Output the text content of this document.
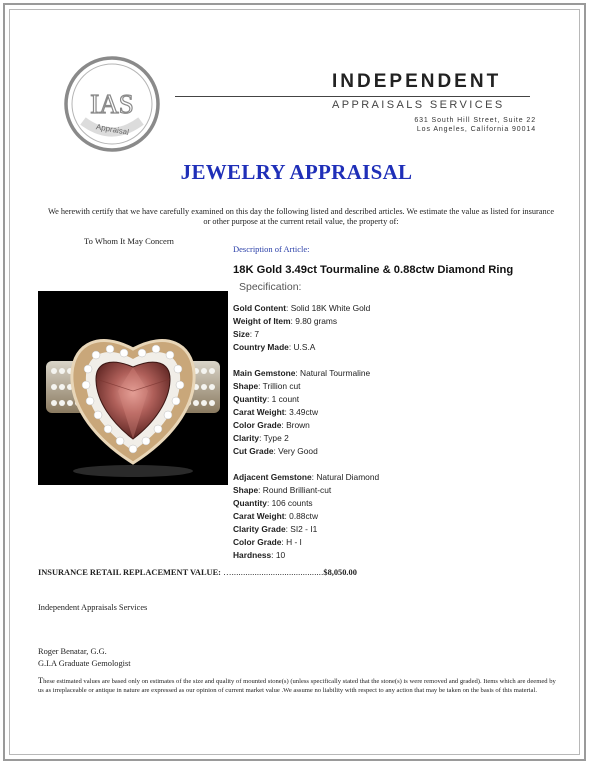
IAS
Appraisal
INDEPENDENT
APPRAISALS SERVICES
631 South Hill Street, Suite 22
Los Angeles, California 90014
JEWELRY APPRAISAL
We herewith certify that we have carefully examined on this day the following listed and described articles. We estimate the value as listed for insurance or other purpose at the current retail value, the property of:
To Whom It May Concern
Description of Article:
18K Gold 3.49ct Tourmaline & 0.88ctw Diamond Ring
Specification:
Gold Content: Solid 18K White Gold
Weight of Item: 9.80 grams
Size: 7
Country Made: U.S.A
Main Gemstone: Natural Tourmaline
Shape: Trillion cut
Quantity: 1 count
Carat Weight: 3.49ctw
Color Grade: Brown
Clarity: Type 2
Cut Grade: Very Good
Adjacent Gemstone: Natural Diamond
Shape: Round Brilliant-cut
Quantity: 106 counts
Carat Weight: 0.88ctw
Clarity Grade: SI2 - I1
Color Grade: H - I
Hardness: 10
INSURANCE RETAIL REPLACEMENT VALUE: …........................................$8,050.00
Independent Appraisals Services
Roger Benatar, G.G.
G.I.A Graduate Gemologist
These estimated values are based only on estimates of the size and quality of mounted stone(s) (unless specifically stated that the stone(s) is were removed and graded). Items which are deemed by us as irreplaceable or antique in nature are expressed as our opinion of current market value .We assume no liability with respect to any action that may be taken on the basis of this material.
